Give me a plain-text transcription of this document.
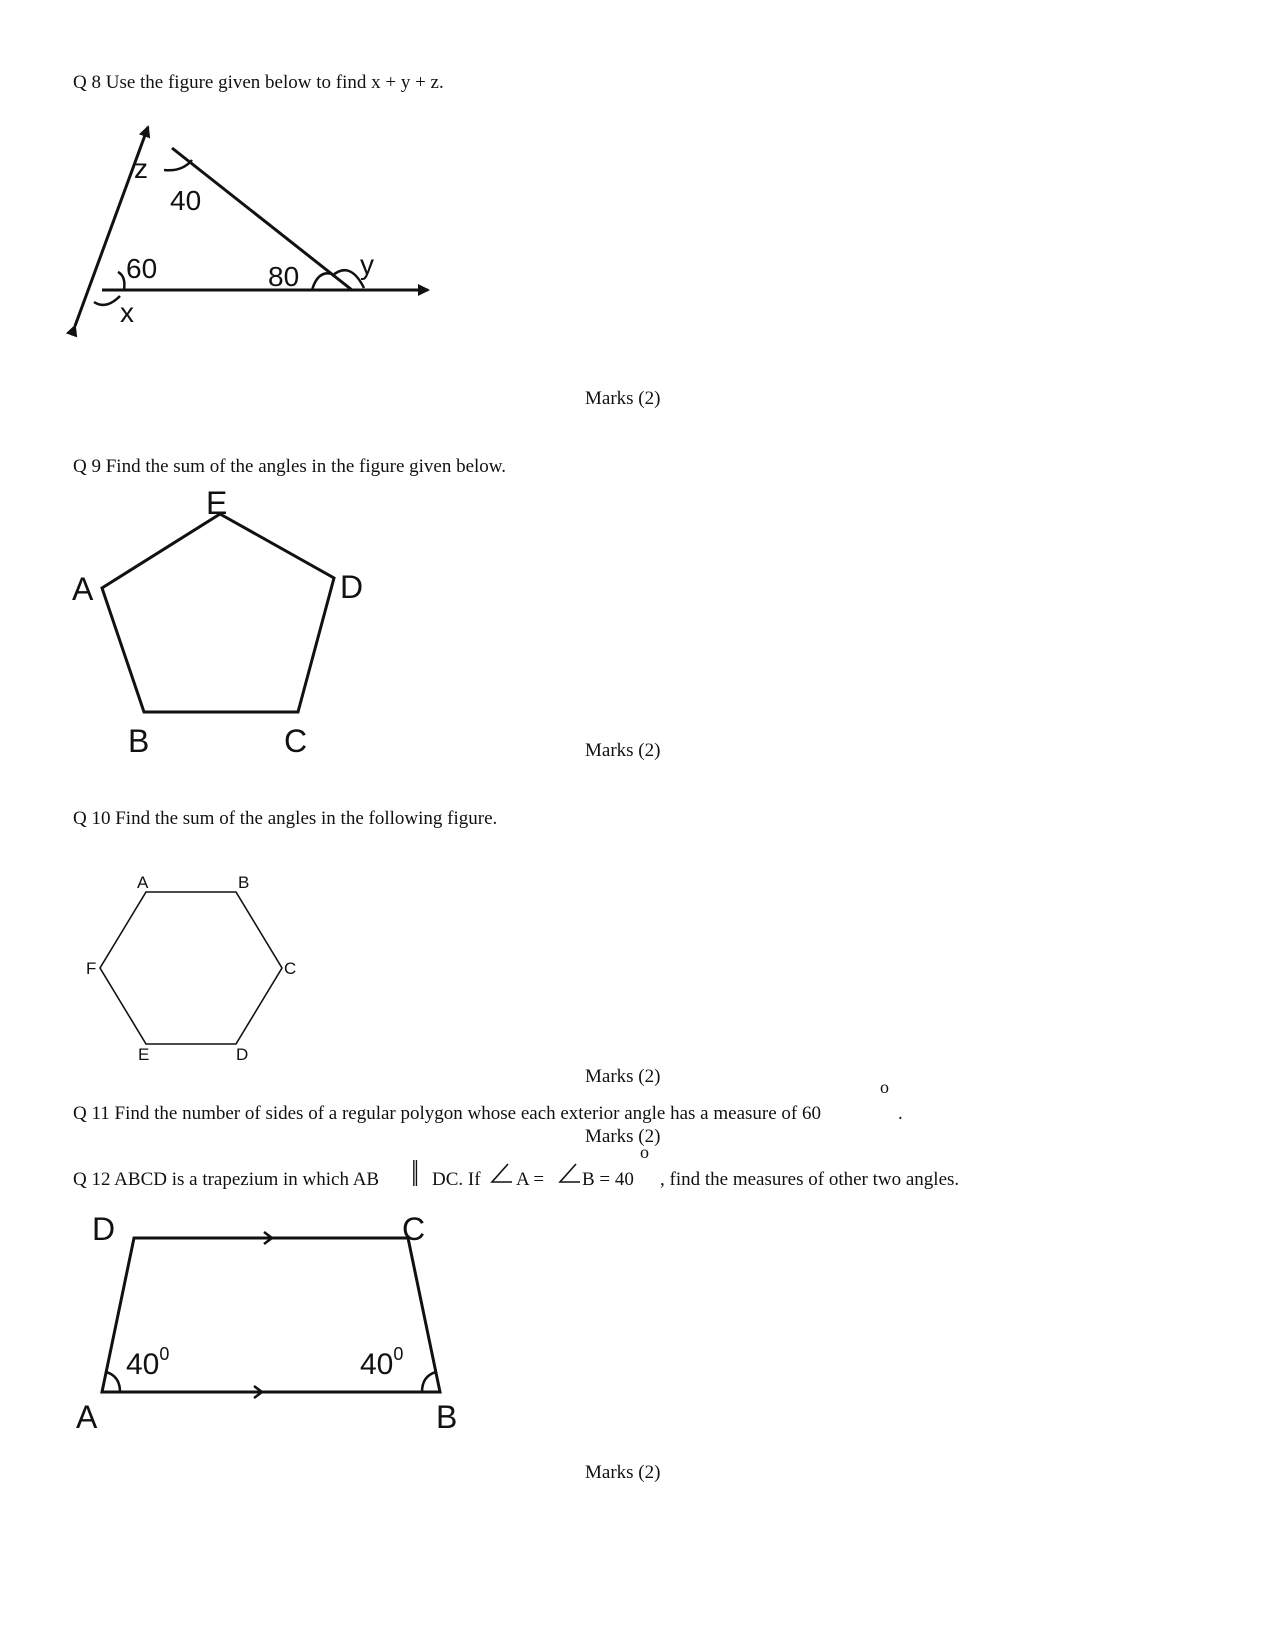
Q 8 Use the figure given below to find x + y + z.
z
40
60	80 y
x
Marks (2)
Q 9 Find the sum of the angles in the figure given below.
E
A	D
B	C	Marks (2)
Q 10 Find the sum of the angles in the following figure.
A	B
C
D
E
F
Marks (2)
Q 11 Find the number of sides of a regular polygon whose each exterior angle has a measure of 60
o
.
Marks (2)
Q 12 ABCD is a trapezium in which AB || DC. If A = B = 40
o
, find the measures of other two angles.
D	C
A	B
$40^0$	$40^0$
Marks (2)
